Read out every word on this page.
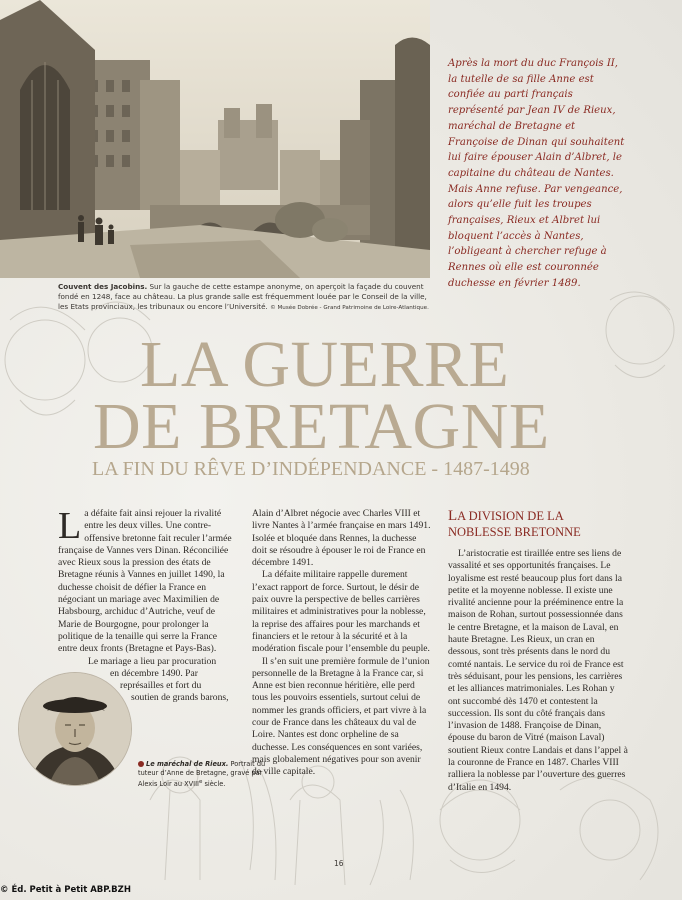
Couvent des Jacobins. Sur la gauche de cette estampe anonyme, on aperçoit la façade du couvent fondé en 1248, face au château. La plus grande salle est fréquemment louée par le Conseil de la ville, les Etats provinciaux, les tribunaux ou encore l’Université. © Musée Dobrée - Grand Patrimoine de Loire-Atlantique.
Après la mort du duc François II, la tutelle de sa fille Anne est confiée au parti français représenté par Jean IV de Rieux, maréchal de Bretagne et Françoise de Dinan qui souhaitent lui faire épouser Alain d’Albret, le capitaine du château de Nantes. Mais Anne refuse. Par vengeance, alors qu’elle fuit les troupes françaises, Rieux et Albret lui bloquent l’accès à Nantes, l’obligeant à chercher refuge à Rennes où elle est couronnée duchesse en février 1489.
LA GUERRE
DE BRETAGNE
LA FIN DU RÊVE D’INDÉPENDANCE - 1487-1498

La défaite fait ainsi rejouer la rivalité entre les deux villes. Une contre-offensive bretonne fait reculer l’armée française de Vannes vers Dinan. Réconciliée avec Rieux sous la pression des états de Bretagne réunis à Vannes en juillet 1490, la duchesse choisit de défier la France en négociant un mariage avec Maximilien de Habsbourg, archiduc d’Autriche, veuf de Marie de Bourgogne, pour prolonger la politique de la tenaille qui serre la France entre deux fronts (Bretagne et Pays-Bas).

Le mariage a lieu par procuration

en décembre 1490. Par

représailles et fort du

soutien de grands barons,

Alain d’Albret négocie avec Charles VIII et livre Nantes à l’armée française en mars 1491. Isolée et bloquée dans Rennes, la duchesse doit se résoudre à épouser le roi de France en décembre 1491.

La défaite militaire rappelle durement l’exact rapport de force. Surtout, le désir de paix ouvre la perspective de belles carrières militaires et administratives pour la noblesse, la reprise des affaires pour les marchands et financiers et le retour à la sécurité et à la modération fiscale pour l’ensemble du peuple.

Il s’en suit une première formule de l’union personnelle de la Bretagne à la France car, si Anne est bien reconnue héritière, elle perd tous les pouvoirs essentiels, surtout celui de nommer les grands officiers, et part vivre à la cour de France dans les châteaux du val de Loire. Nantes est donc orpheline de sa duchesse. Les conséquences en sont variées, mais globalement négatives pour son avenir de ville capitale.

LA DIVISION DE LA
NOBLESSE BRETONNE

L’aristocratie est tiraillée entre ses liens de vassalité et ses opportunités françaises. Le loyalisme est resté beaucoup plus fort dans la petite et la moyenne noblesse. Il existe une rivalité ancienne pour la prééminence entre la maison de Rohan, surtout possessionnée dans le centre Bretagne, et la maison de Laval, en haute Bretagne. Les Rieux, un cran en dessous, sont très présents dans le nord du comté nantais. Le service du roi de France est très séduisant, pour les pensions, les carrières et les alliances matrimoniales. Les Rohan y ont succombé dès 1470 et contestent la succession. Ils sont du côté français dans l’invasion de 1488. Françoise de Dinan, épouse du baron de Vitré (maison Laval) soutient Rieux contre Landais et dans l’appel à la couronne de France en 1487. Charles VIII ralliera la noblesse par l’ouverture des guerres d’Italie en 1494.

Le maréchal de Rieux. Portrait du tuteur d’Anne de Bretagne, gravé par Alexis Loir au XVIIIe siècle.
16
© Éd. Petit à Petit ABP.BZH
